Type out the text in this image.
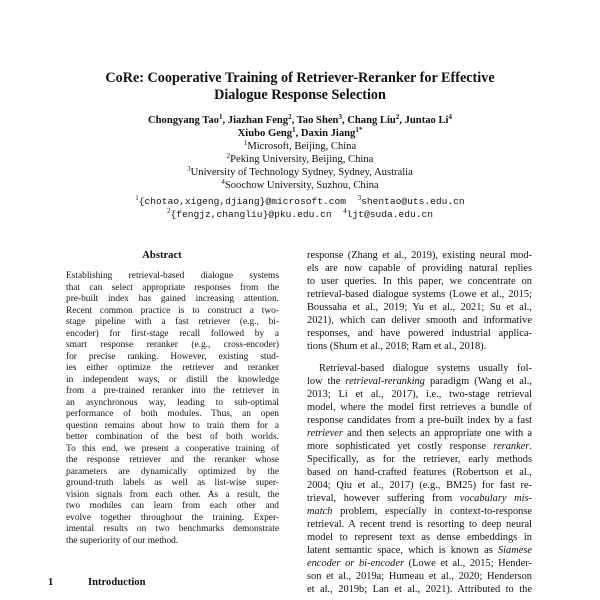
CoRe: Cooperative Training of Retriever-Reranker for Effective
Dialogue Response Selection
Chongyang Tao$^1$, Jiazhan Feng$^2$, Tao Shen$^3$, Chang Liu$^2$, Juntao Li$^4$
Xiubo Geng$^1$, Daxin Jiang$^{1*}$
$^1$Microsoft, Beijing, China
$^2$Peking University, Beijing, China
$^3$University of Technology Sydney, Sydney, Australia
$^4$Soochow University, Suzhou, China
$^1${chotao,xigeng,djiang}@microsoft.com $^3$shentao@uts.edu.cn
$^2${fengjz,changliu}@pku.edu.cn $^4$ljt@suda.edu.cn
Abstract
Establishing retrieval-based dialogue systems
that can select appropriate responses from the
pre-built index has gained increasing attention.
Recent common practice is to construct a two-
stage pipeline with a fast retriever (e.g., bi-
encoder) for first-stage recall followed by a
smart response reranker (e.g., cross-encoder)
for precise ranking. However, existing stud-
ies either optimize the retriever and reranker
in independent ways, or distill the knowledge
from a pre-trained reranker into the retriever in
an asynchronous way, leading to sub-optimal
performance of both modules. Thus, an open
question remains about how to train them for a
better combination of the best of both worlds.
To this end, we present a cooperative training of
the response retriever and the reranker whose
parameters are dynamically optimized by the
ground-truth labels as well as list-wise super-
vision signals from each other. As a result, the
two modules can learn from each other and
evolve together throughout the training. Exper-
imental results on two benchmarks demonstrate
the superiority of our method.
1	Introduction
response (Zhang et al., 2019), existing neural mod-
els are now capable of providing natural replies
to user queries. In this paper, we concentrate on
retrieval-based dialogue systems (Lowe et al., 2015;
Boussaha et al., 2019; Yu et al., 2021; Su et al.,
2021), which can deliver smooth and informative
responses, and have powered industrial applica-
tions (Shum et al., 2018; Ram et al., 2018).
Retrieval-based dialogue systems usually fol-
low the retrieval-reranking paradigm (Wang et al.,
2013; Li et al., 2017), i.e., two-stage retrieval
model, where the model first retrieves a bundle of
response candidates from a pre-built index by a fast
retriever and then selects an appropriate one with a
more sophisticated yet costly response reranker.
Specifically, as for the retriever, early methods
based on hand-crafted features (Robertson et al.,
2004; Qiu et al., 2017) (e.g., BM25) for fast re-
trieval, however suffering from vocabulary mis-
match problem, especially in context-to-response
retrieval. A recent trend is resorting to deep neural
model to represent text as dense embeddings in
latent semantic space, which is known as Siamese
encoder or bi-encoder (Lowe et al., 2015; Hender-
son et al., 2019a; Humeau et al., 2020; Henderson
et al., 2019b; Lan et al., 2021). Attributed to the
